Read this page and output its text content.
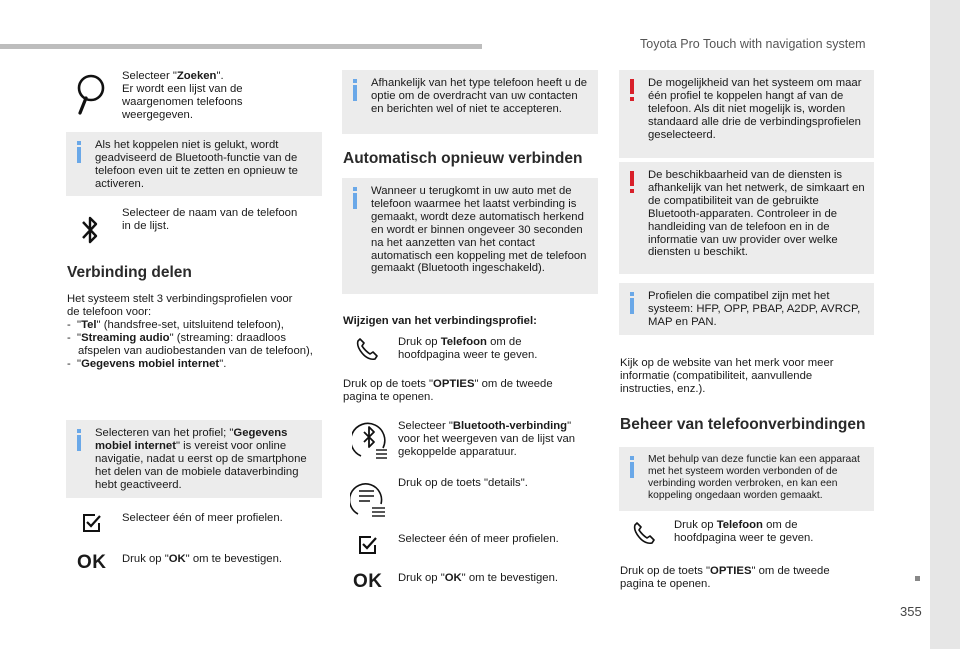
Toyota Pro Touch with navigation system
355
Selecteer "Zoeken".
Er wordt een lijst van de
waargenomen telefoons
weergegeven.
Als het koppelen niet is gelukt, wordt geadviseerd de Bluetooth-functie van de telefoon even uit te zetten en opnieuw te activeren.
Selecteer de naam van de telefoon
in de lijst.
Verbinding delen
Het systeem stelt 3 verbindingsprofielen voor
de telefoon voor:
-  "Tel" (handsfree-set, uitsluitend telefoon),
-  "Streaming audio" (streaming: draadloos afspelen van audiobestanden van de telefoon),
-  "Gegevens mobiel internet".
Selecteren van het profiel; "Gegevens mobiel internet" is vereist voor online navigatie, nadat u eerst op de smartphone het delen van de mobiele dataverbinding hebt geactiveerd.
Selecteer één of meer profielen.
OK Druk op "OK" om te bevestigen.
Afhankelijk van het type telefoon heeft u de optie om de overdracht van uw contacten en berichten wel of niet te accepteren.
Automatisch opnieuw verbinden
Wanneer u terugkomt in uw auto met de telefoon waarmee het laatst verbinding is gemaakt, wordt deze automatisch herkend en wordt er binnen ongeveer 30 seconden na het aanzetten van het contact automatisch een koppeling met de telefoon gemaakt (Bluetooth ingeschakeld).
Wijzigen van het verbindingsprofiel:
Druk op Telefoon om de
hoofdpagina weer te geven.
Druk op de toets "OPTIES" om de tweede
pagina te openen.
Selecteer "Bluetooth-verbinding"
voor het weergeven van de lijst van
gekoppelde apparatuur.
Druk op de toets "details".
Selecteer één of meer profielen.
OK Druk op "OK" om te bevestigen.
De mogelijkheid van het systeem om maar één profiel te koppelen hangt af van de telefoon. Als dit niet mogelijk is, worden standaard alle drie de verbindingsprofielen geselecteerd.
De beschikbaarheid van de diensten is afhankelijk van het netwerk, de simkaart en de compatibiliteit van de gebruikte Bluetooth-apparaten. Controleer in de handleiding van de telefoon en in de informatie van uw provider over welke diensten u beschikt.
Profielen die compatibel zijn met het systeem: HFP, OPP, PBAP, A2DP, AVRCP, MAP en PAN.
Kijk op de website van het merk voor meer
informatie (compatibiliteit, aanvullende
instructies, enz.).
Beheer van telefoonverbindingen
Met behulp van deze functie kan een apparaat met het systeem worden verbonden of de verbinding worden verbroken, en kan een koppeling ongedaan worden gemaakt.
Druk op Telefoon om de
hoofdpagina weer te geven.
Druk op de toets "OPTIES" om de tweede
pagina te openen.
